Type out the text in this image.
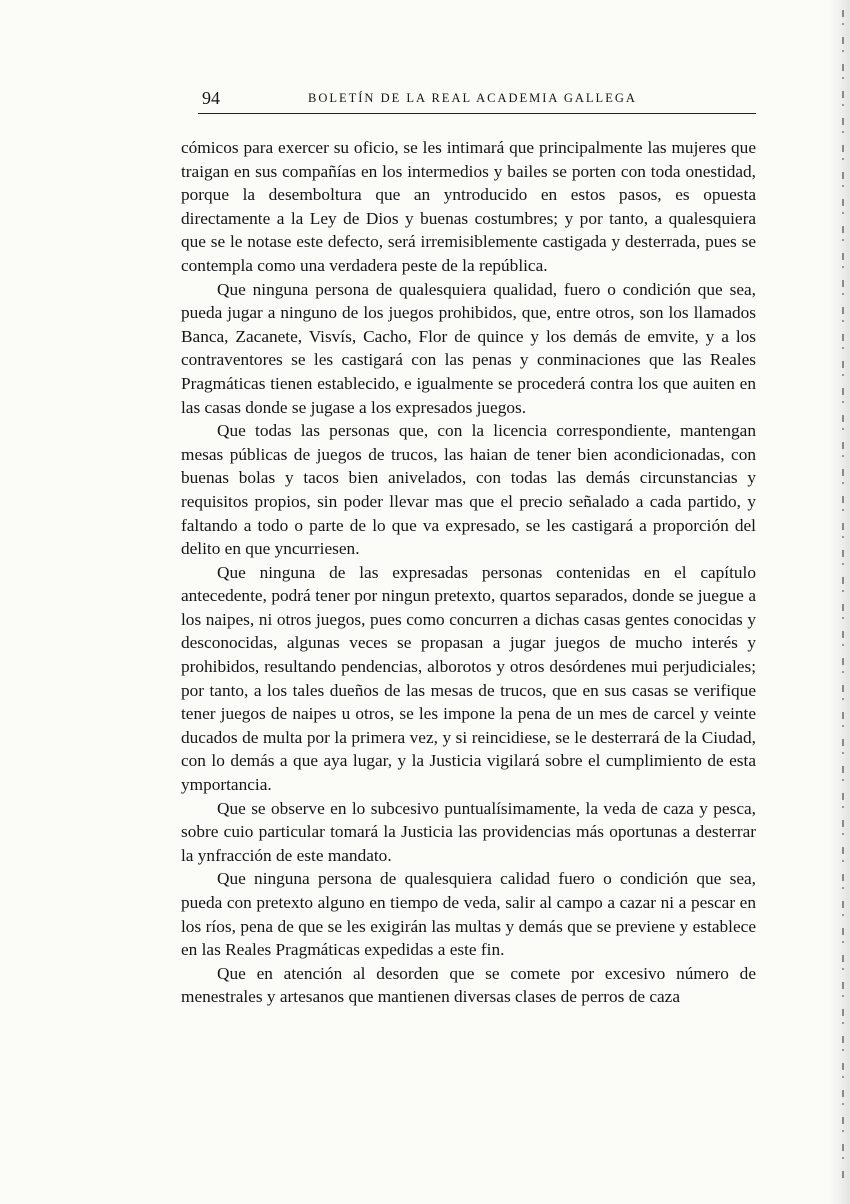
94	BOLETÍN DE LA REAL ACADEMIA GALLEGA

cómicos para exercer su oficio, se les intimará que principalmente las mujeres que traigan en sus compañías en los intermedios y bailes se porten con toda onestidad, porque la desemboltura que an yntroducido en estos pasos, es opuesta directamente a la Ley de Dios y buenas costumbres; y por tanto, a qualesquiera que se le notase este defecto, será irremisiblemente castigada y desterrada, pues se contempla como una verdadera peste de la república.

Que ninguna persona de qualesquiera qualidad, fuero o condición que sea, pueda jugar a ninguno de los juegos prohibidos, que, entre otros, son los llamados Banca, Zacanete, Visvís, Cacho, Flor de quince y los demás de emvite, y a los contraventores se les castigará con las penas y conminaciones que las Reales Pragmáticas tienen establecido, e igualmente se procederá contra los que auiten en las casas donde se jugase a los expresados juegos.

Que todas las personas que, con la licencia correspondiente, mantengan mesas públicas de juegos de trucos, las haian de tener bien acondicionadas, con buenas bolas y tacos bien anivelados, con todas las demás circunstancias y requisitos propios, sin poder llevar mas que el precio señalado a cada partido, y faltando a todo o parte de lo que va expresado, se les castigará a proporción del delito en que yncurriesen.

Que ninguna de las expresadas personas contenidas en el capítulo antecedente, podrá tener por ningun pretexto, quartos separados, donde se juegue a los naipes, ni otros juegos, pues como concurren a dichas casas gentes conocidas y desconocidas, algunas veces se propasan a jugar juegos de mucho interés y prohibidos, resultando pendencias, alborotos y otros desórdenes mui perjudiciales; por tanto, a los tales dueños de las mesas de trucos, que en sus casas se verifique tener juegos de naipes u otros, se les impone la pena de un mes de carcel y veinte ducados de multa por la primera vez, y si reincidiese, se le desterrará de la Ciudad, con lo demás a que aya lugar, y la Justicia vigilará sobre el cumplimiento de esta ymportancia.

Que se observe en lo subcesivo puntualísimamente, la veda de caza y pesca, sobre cuio particular tomará la Justicia las providencias más oportunas a desterrar la ynfracción de este mandato.

Que ninguna persona de qualesquiera calidad fuero o condición que sea, pueda con pretexto alguno en tiempo de veda, salir al campo a cazar ni a pescar en los ríos, pena de que se les exigirán las multas y demás que se previene y establece en las Reales Pragmáticas expedidas a este fin.

Que en atención al desorden que se comete por excesivo número de menestrales y artesanos que mantienen diversas clases de perros de caza
